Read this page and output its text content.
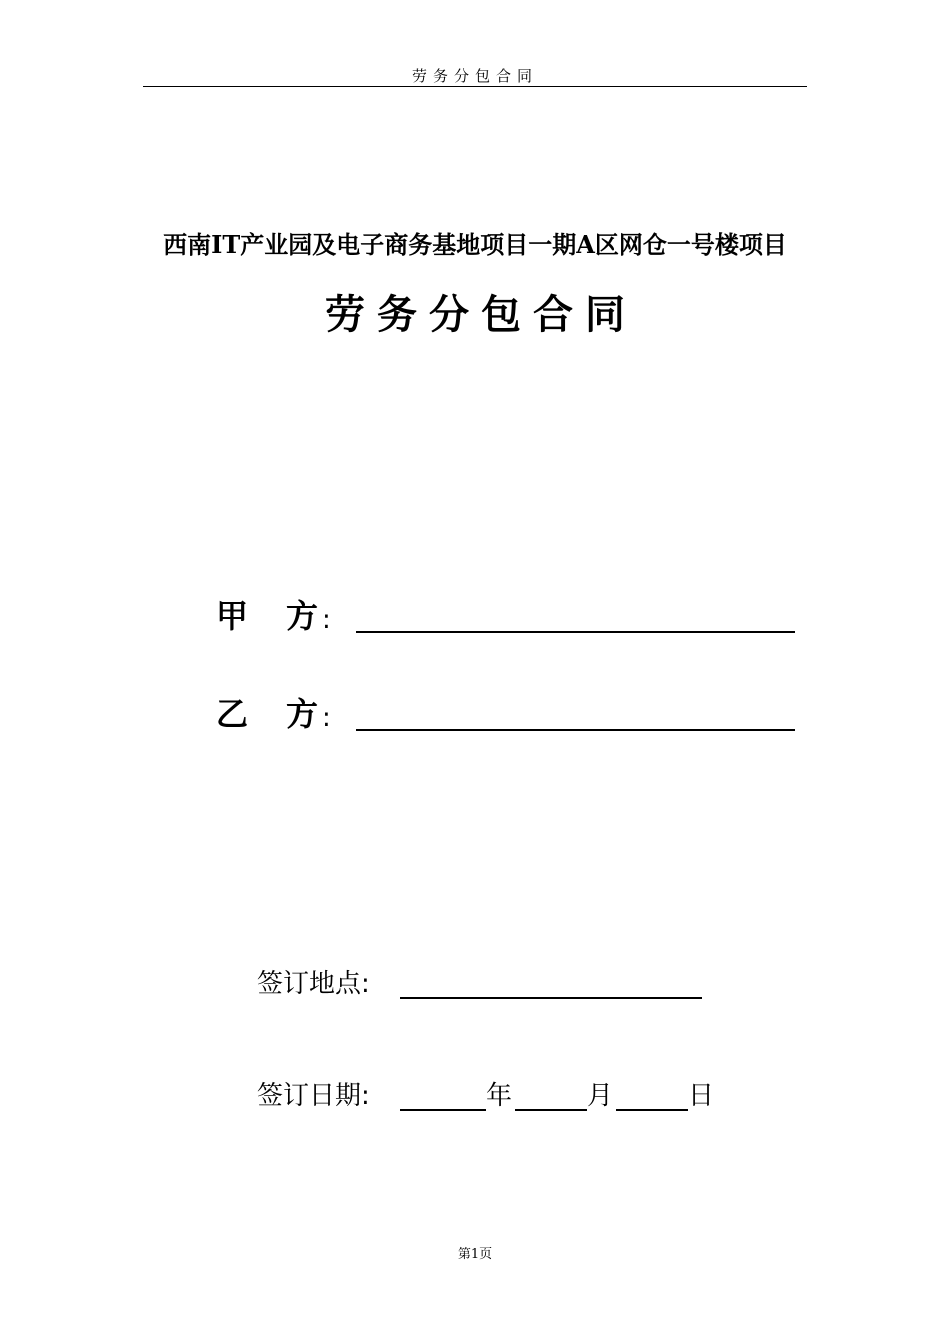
劳务分包合同
西南IT产业园及电子商务基地项目一期A区网仓一号楼项目
劳务分包合同
甲 方 :
乙 方 :
签订地点:
签订日期:	年	月	日
第1页
